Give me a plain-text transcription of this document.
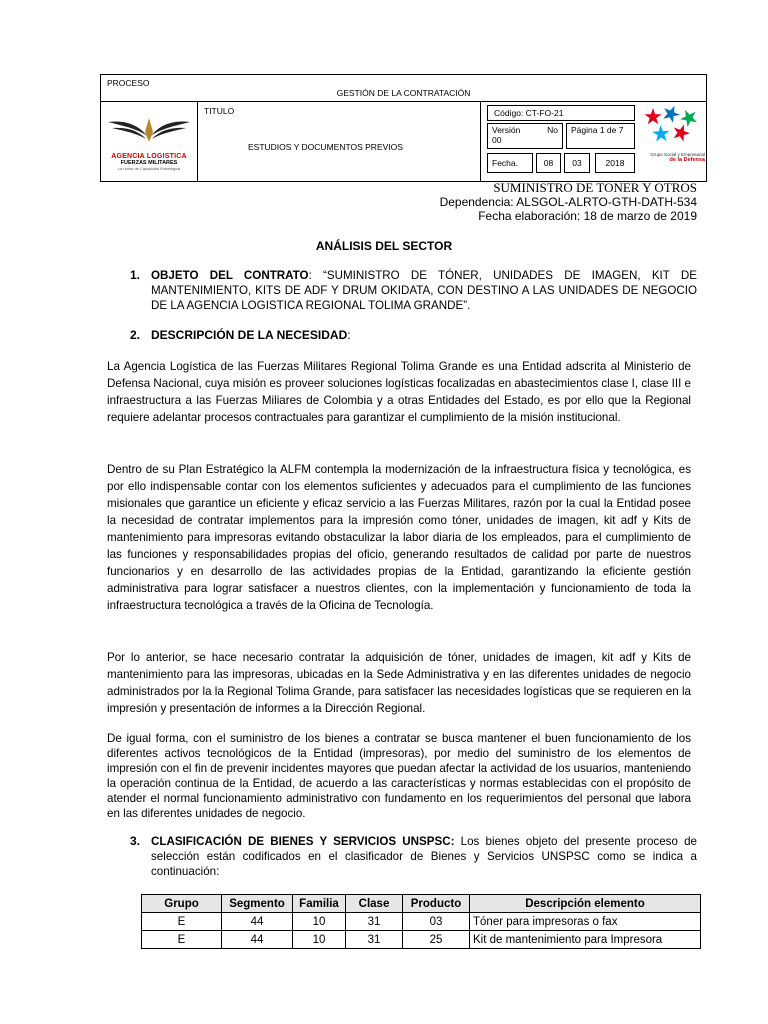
PROCESO
GESTIÓN DE LA CONTRATACIÓN
AGENCIA LOGISTICA
FUERZAS MILITARES
La unión de Capacidad Estratégica
TITULO
ESTUDIOS Y DOCUMENTOS PREVIOS
Código: CT-FO-21
Versión	No
00
Página 1 de 7
Fecha.	08	03	2018
Grupo Social y Empresarial
de la Defensa
SUMINISTRO DE TONER Y OTROS
Dependencia: ALSGOL-ALRTO-GTH-DATH-534
Fecha elaboración: 18 de marzo de 2019
ANÁLISIS DEL SECTOR
1. OBJETO DEL CONTRATO: “SUMINISTRO DE TÓNER, UNIDADES DE IMAGEN, KIT DE MANTENIMIENTO, KITS DE ADF Y DRUM OKIDATA, CON DESTINO A LAS UNIDADES DE NEGOCIO DE LA AGENCIA LOGISTICA REGIONAL TOLIMA GRANDE”.
2. DESCRIPCIÓN DE LA NECESIDAD:
La Agencia Logística de las Fuerzas Militares Regional Tolima Grande es una Entidad adscrita al Ministerio de Defensa Nacional, cuya misión es proveer soluciones logísticas focalizadas en abastecimientos clase I, clase III e infraestructura a las Fuerzas Miliares de Colombia y a otras Entidades del Estado, es por ello que la Regional requiere adelantar procesos contractuales para garantizar el cumplimiento de la misión institucional.
Dentro de su Plan Estratégico la ALFM contempla la modernización de la infraestructura física y tecnológica, es por ello indispensable contar con los elementos suficientes y adecuados para el cumplimiento de las funciones misionales que garantice un eficiente y eficaz servicio a las Fuerzas Militares, razón por la cual la Entidad posee la necesidad de contratar implementos para la impresión como tóner, unidades de imagen, kit adf y Kits de mantenimiento para impresoras evitando obstaculizar la labor diaria de los empleados, para el cumplimiento de las funciones y responsabilidades propias del oficio, generando resultados de calidad por parte de nuestros funcionarios y en desarrollo de las actividades propias de la Entidad, garantizando la eficiente gestión administrativa para lograr satisfacer a nuestros clientes, con la implementación y funcionamiento de toda la infraestructura tecnológica a través de la Oficina de Tecnología.
Por lo anterior, se hace necesario contratar la adquisición de tóner, unidades de imagen, kit adf y Kits de mantenimiento para las impresoras, ubicadas en la Sede Administrativa y en las diferentes unidades de negocio administrados por la la Regional Tolima Grande, para satisfacer las necesidades logísticas que se requieren en la impresión y presentación de informes a la Dirección Regional.
De igual forma, con el suministro de los bienes a contratar se busca mantener el buen funcionamiento de los diferentes activos tecnológicos de la Entidad (impresoras), por medio del suministro de los elementos de impresión con el fin de prevenir incidentes mayores que puedan afectar la actividad de los usuarios, manteniendo la operación continua de la Entidad, de acuerdo a las características y normas establecidas con el propósito de atender el normal funcionamiento administrativo con fundamento en los requerimientos del personal que labora en las diferentes unidades de negocio.
3. CLASIFICACIÓN DE BIENES Y SERVICIOS UNSPSC: Los bienes objeto del presente proceso de selección están codificados en el clasificador de Bienes y Servicios UNSPSC como se indica a continuación:
Grupo	Segmento	Familia	Clase	Producto	Descripción elemento
E	44	10	31	03	Tóner para impresoras o fax
E	44	10	31	25	Kit de mantenimiento para Impresora
